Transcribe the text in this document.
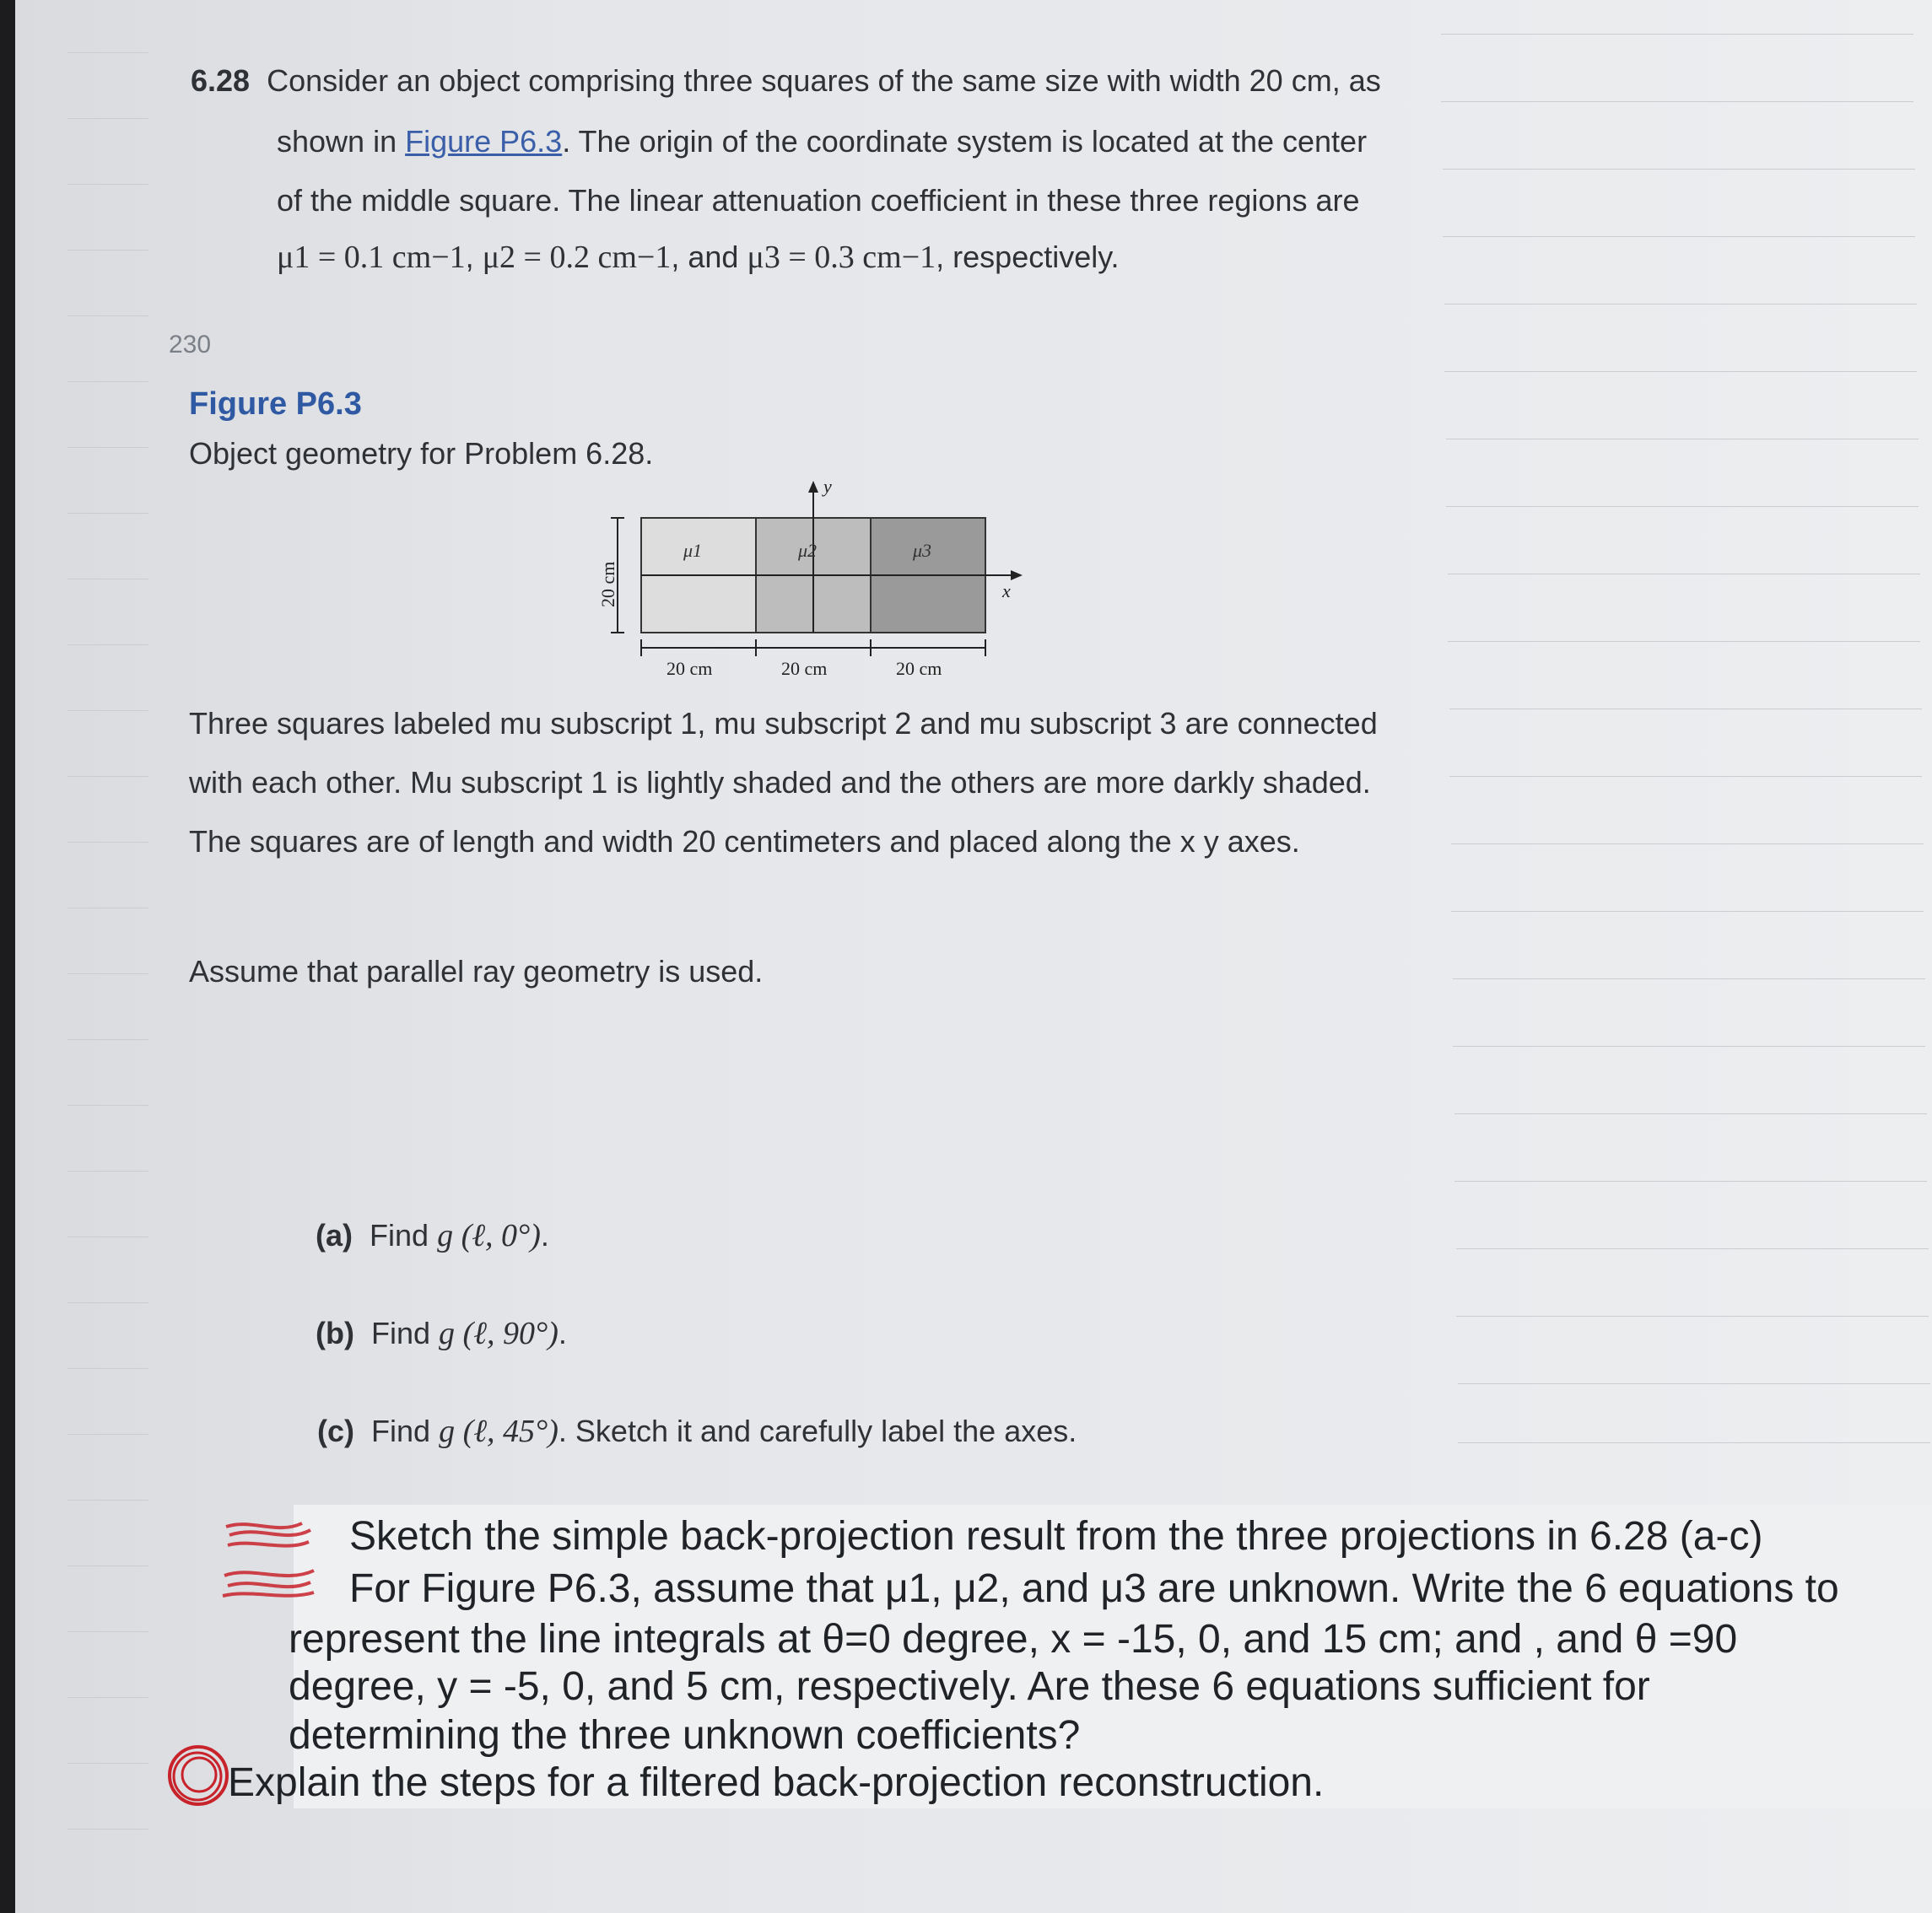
6.28 Consider an object comprising three squares of the same size with width 20 cm, as
shown in Figure P6.3. The origin of the coordinate system is located at the center
of the middle square. The linear attenuation coefficient in these three regions are
μ1 = 0.1 cm−1, μ2 = 0.2 cm−1, and μ3 = 0.3 cm−1, respectively.
230
Figure P6.3
Object geometry for Problem 6.28.
μ1	μ2	μ3
y
x
20 cm
20 cm	20 cm	20 cm
Three squares labeled mu subscript 1, mu subscript 2 and mu subscript 3 are connected
with each other. Mu subscript 1 is lightly shaded and the others are more darkly shaded.
The squares are of length and width 20 centimeters and placed along the x y axes.
Assume that parallel ray geometry is used.
(a) Find g (ℓ, 0°).
(b) Find g (ℓ, 90°).
(c) Find g (ℓ, 45°). Sketch it and carefully label the axes.
Sketch the simple back-projection result from the three projections in 6.28 (a-c)
For Figure P6.3, assume that μ1, μ2, and μ3 are unknown. Write the 6 equations to
represent the line integrals at θ=0 degree, x = -15, 0, and 15 cm; and , and θ =90
degree, y = -5, 0, and 5 cm, respectively. Are these 6 equations sufficient for
determining the three unknown coefficients?
Explain the steps for a filtered back-projection reconstruction.
